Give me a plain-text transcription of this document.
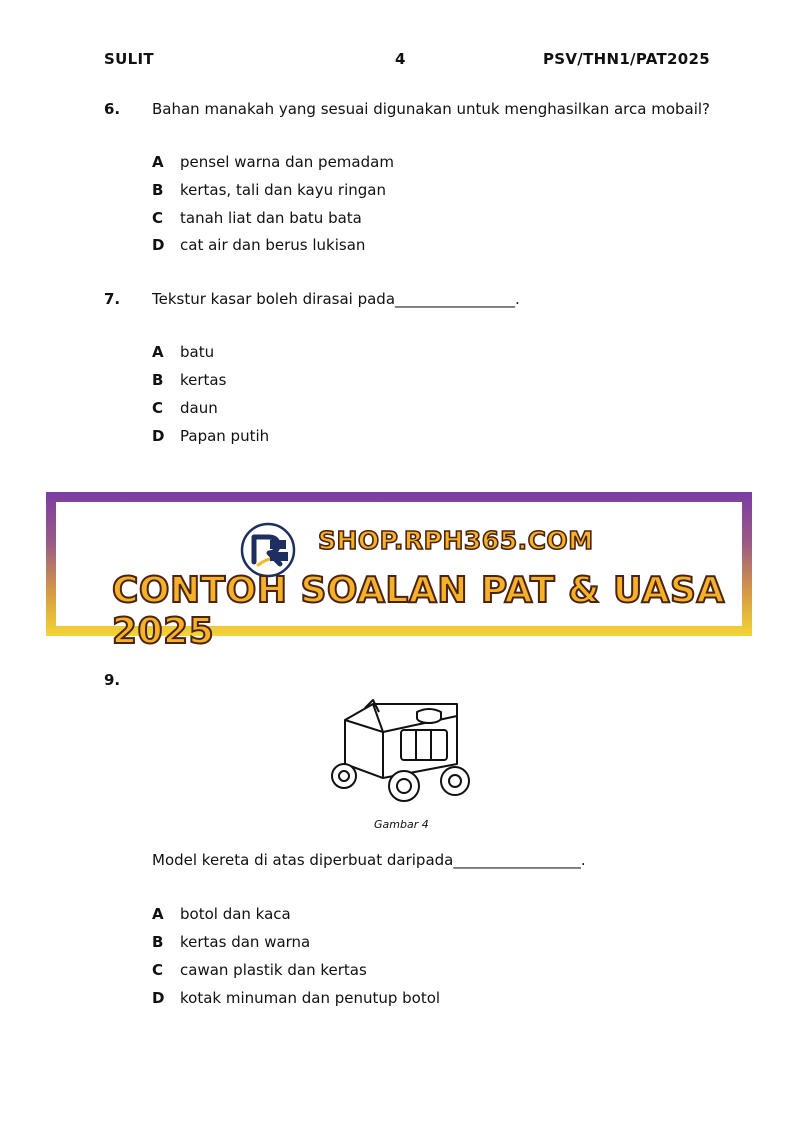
SULIT	4	PSV/THN1/PAT2025
6. Bahan manakah yang sesuai digunakan untuk menghasilkan arca mobail?
A pensel warna dan pemadam
B kertas, tali dan kayu ringan
C tanah liat dan batu bata
D cat air dan berus lukisan
7. Tekstur kasar boleh dirasai pada________________.
A batu
B kertas
C daun
D Papan putih
SHOP.RPH365.COM
CONTOH SOALAN PAT & UASA 2025
9.
Gambar 4
Model kereta di atas diperbuat daripada_________________.
A botol dan kaca
B kertas dan warna
C cawan plastik dan kertas
D kotak minuman dan penutup botol
